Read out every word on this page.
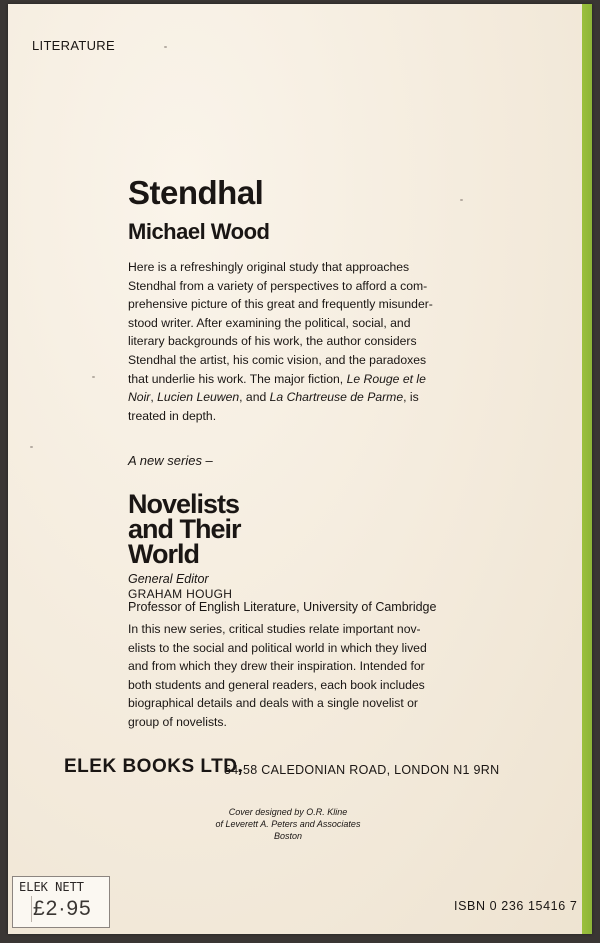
LITERATURE
Stendhal
Michael Wood
Here is a refreshingly original study that approaches
Stendhal from a variety of perspectives to afford a com-
prehensive picture of this great and frequently misunder-
stood writer. After examining the political, social, and
literary backgrounds of his work, the author considers
Stendhal the artist, his comic vision, and the paradoxes
that underlie his work. The major fiction, Le Rouge et le
Noir, Lucien Leuwen, and La Chartreuse de Parme, is
treated in depth.
A new series –
Novelists
and Their
World
General Editor
GRAHAM HOUGH
Professor of English Literature, University of Cambridge
In this new series, critical studies relate important nov-
elists to the social and political world in which they lived
and from which they drew their inspiration. Intended for
both students and general readers, each book includes
biographical details and deals with a single novelist or
group of novelists.
ELEK BOOKS LTD,
54-58 CALEDONIAN ROAD, LONDON N1 9RN
Cover designed by O.R. Kline
of Leverett A. Peters and Associates
Boston
ISBN 0 236 15416 7
ELEK NETT
£2·95
